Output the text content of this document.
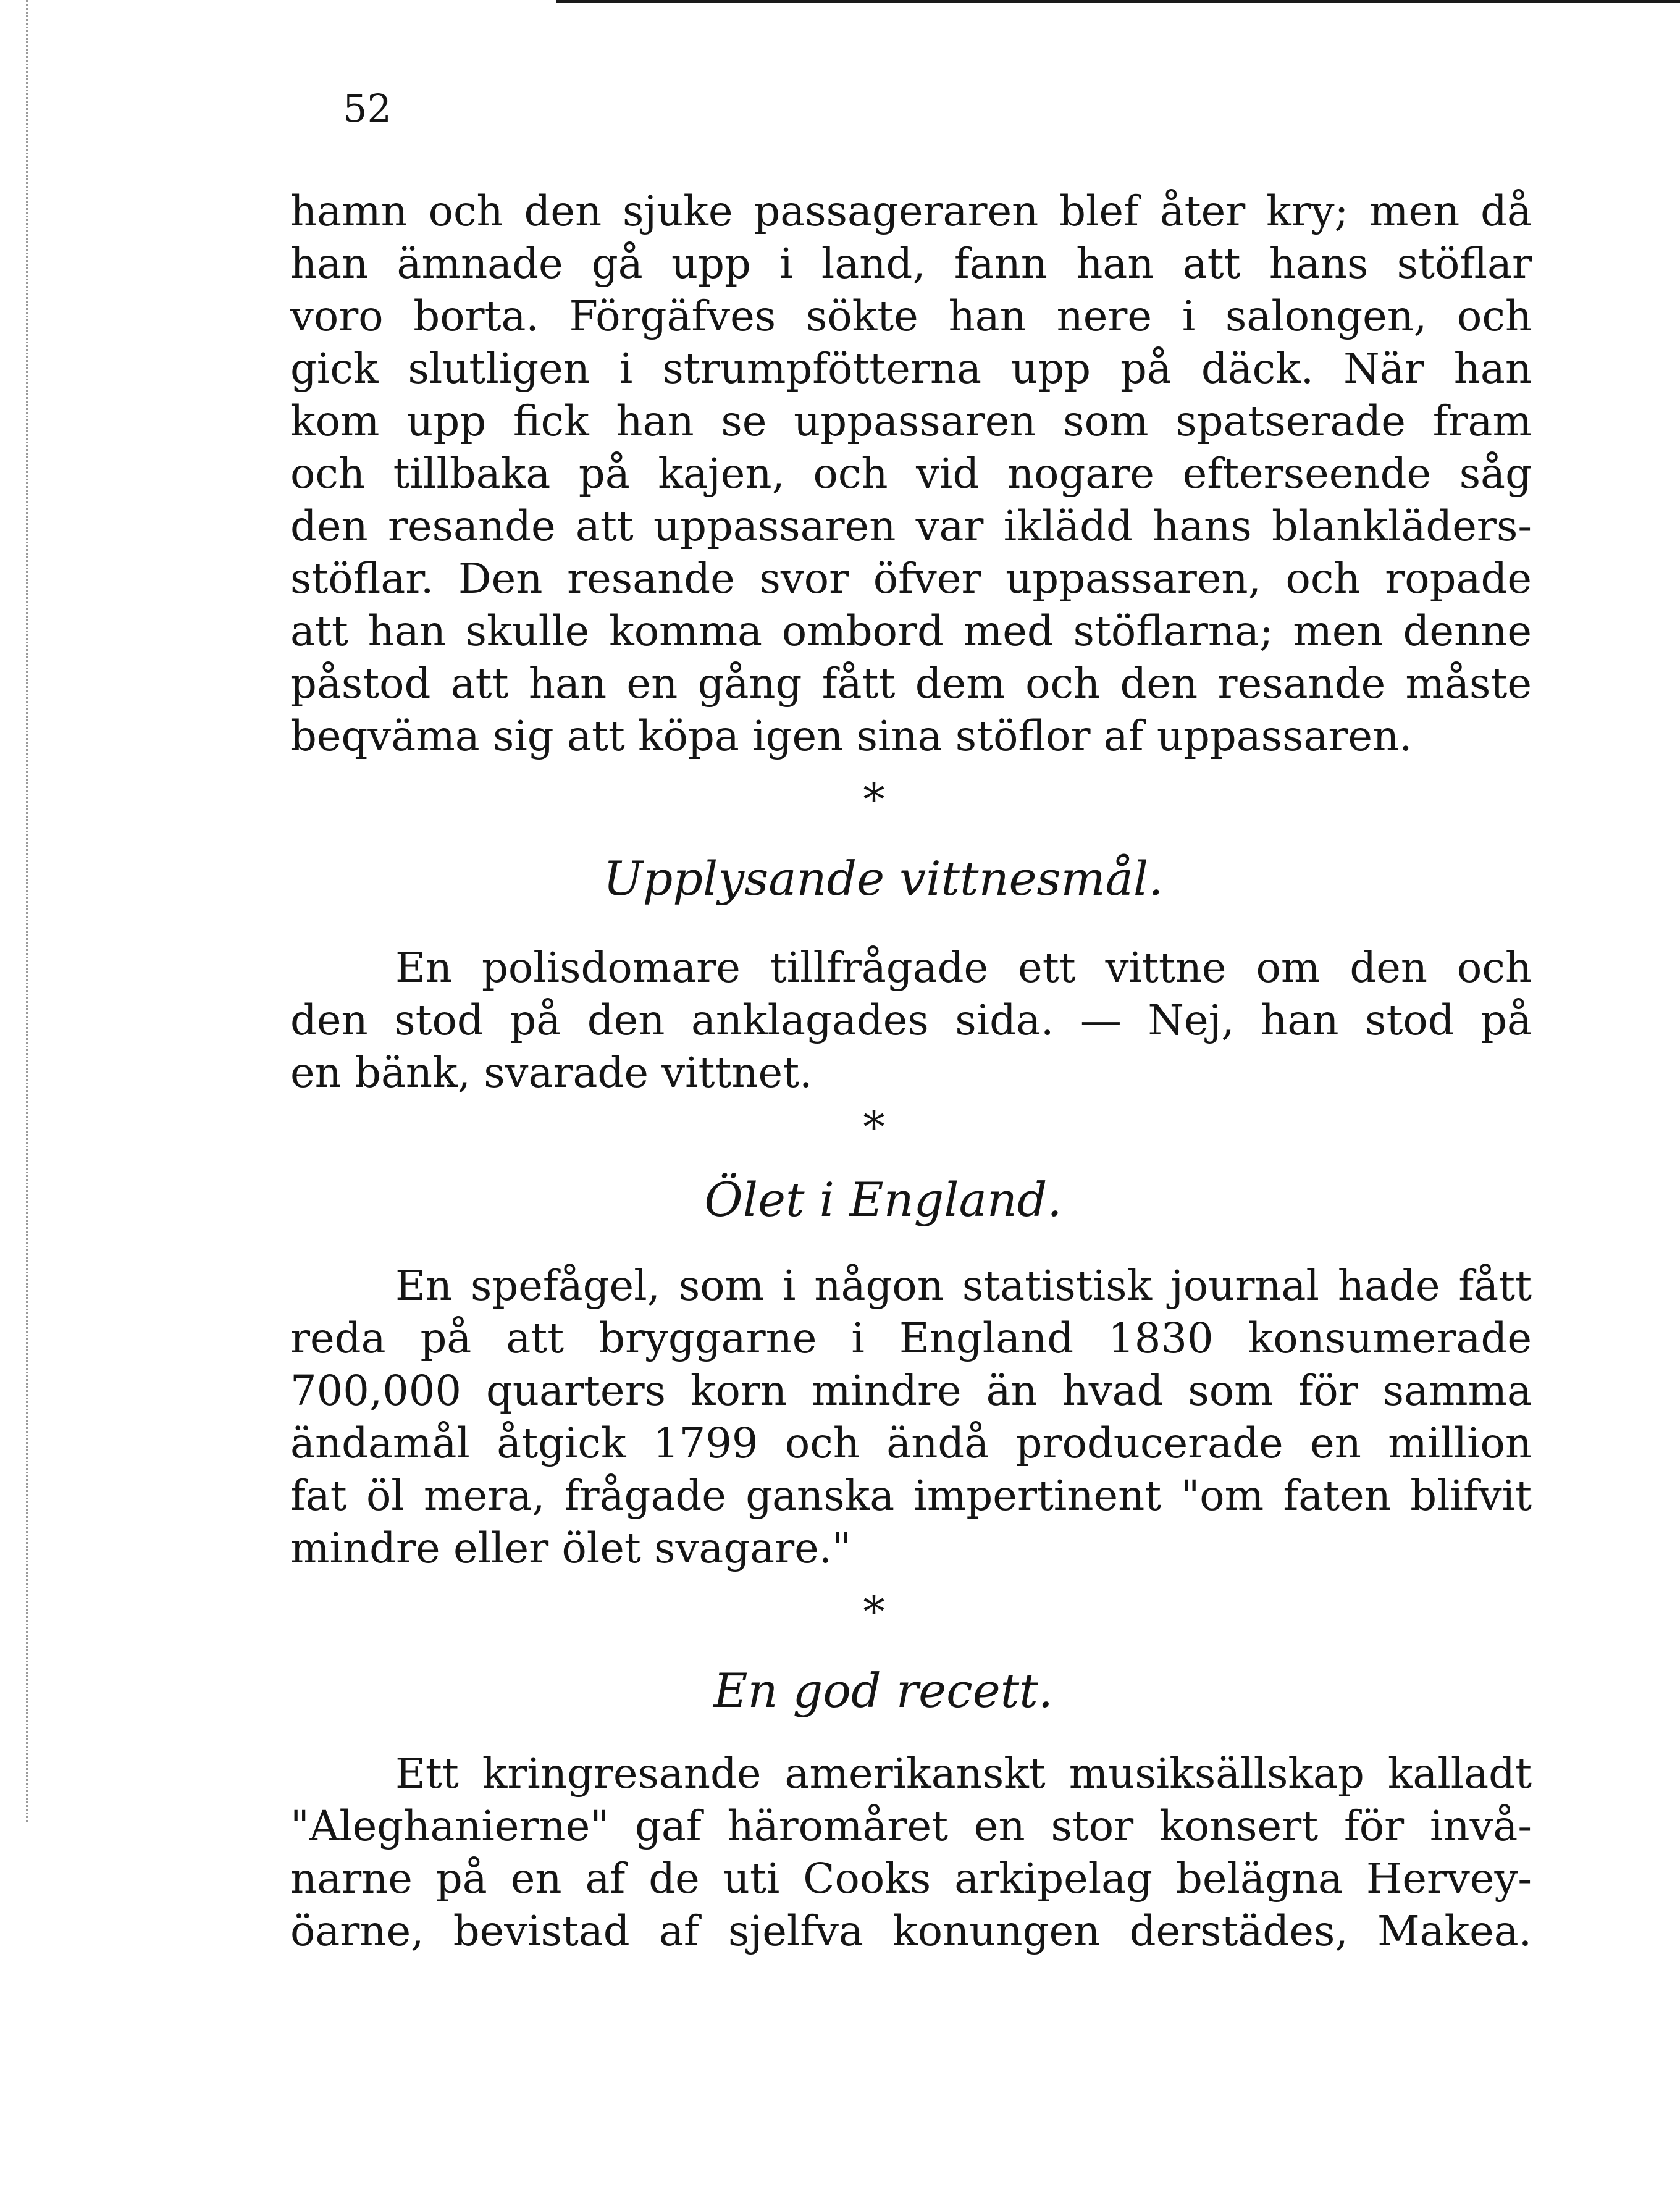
52
hamn och den sjuke passageraren blef åter kry; men då
han ämnade gå upp i land, fann han att hans stöflar
voro borta. Förgäfves sökte han nere i salongen, och
gick slutligen i strumpfötterna upp på däck. När han
kom upp fick han se uppassaren som spatserade fram
och tillbaka på kajen, och vid nogare efterseende såg
den resande att uppassaren var iklädd hans blankläders-
stöflar. Den resande svor öfver uppassaren, och ropade
att han skulle komma ombord med stöflarna; men denne
påstod att han en gång fått dem och den resande måste
beqväma sig att köpa igen sina stöflor af uppassaren.
*
Upplysande vittnesmål.
En polisdomare tillfrågade ett vittne om den och
den stod på den anklagades sida. — Nej, han stod på
en bänk, svarade vittnet.
*
Ölet i England.
En spefågel, som i någon statistisk journal hade fått
reda på att bryggarne i England 1830 konsumerade
700,000 quarters korn mindre än hvad som för samma
ändamål åtgick 1799 och ändå producerade en million
fat öl mera, frågade ganska impertinent "om faten blifvit
mindre eller ölet svagare."
*
En god recett.
Ett kringresande amerikanskt musiksällskap kalladt
"Aleghanierne" gaf häromåret en stor konsert för invå-
narne på en af de uti Cooks arkipelag belägna Hervey-
öarne, bevistad af sjelfva konungen derstädes, Makea.
